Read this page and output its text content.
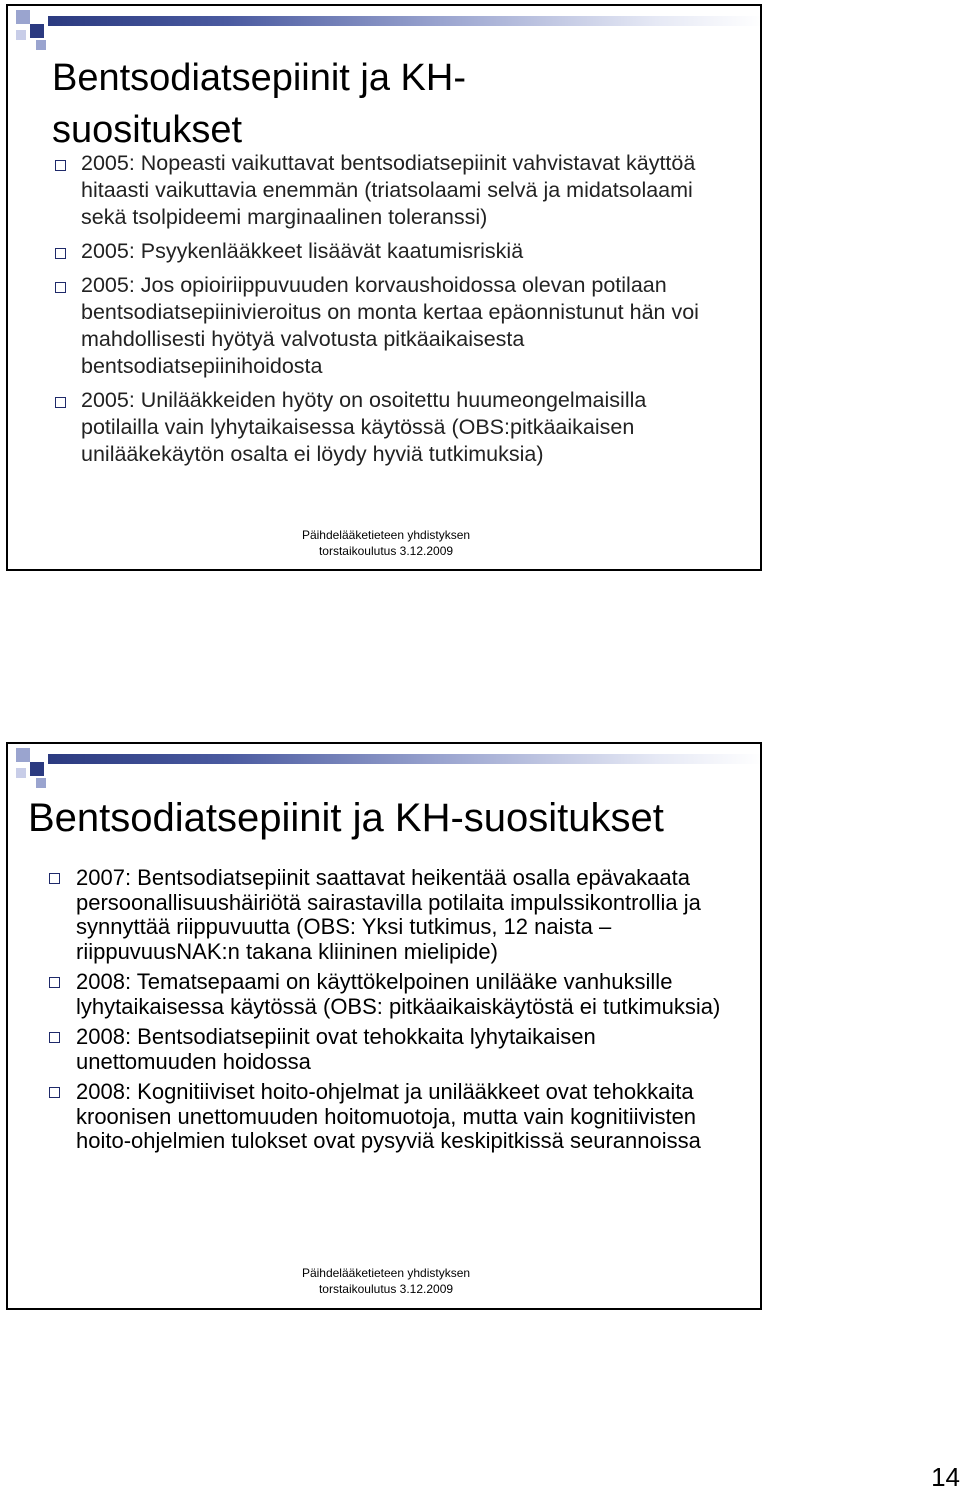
Bentsodiatsepiinit ja KH-suositukset
2005: Nopeasti vaikuttavat bentsodiatsepiinit vahvistavat käyttöä hitaasti vaikuttavia enemmän (triatsolaami selvä ja midatsolaami sekä tsolpideemi marginaalinen toleranssi)
2005: Psyykenlääkkeet lisäävät kaatumisriskiä
2005: Jos opioiriippuvuuden korvaushoidossa olevan potilaan bentsodiatsepiinivieroitus on monta kertaa epäonnistunut hän voi mahdollisesti hyötyä valvotusta pitkäaikaisesta bentsodiatsepiinihoidosta
2005: Unilääkkeiden hyöty on osoitettu huumeongelmaisilla potilailla vain lyhytaikaisessa käytössä (OBS:pitkäaikaisen unilääkekäytön osalta ei löydy hyviä tutkimuksia)
Päihdelääketieteen yhdistyksen
torstaikoulutus 3.12.2009
Bentsodiatsepiinit ja KH-suositukset
2007: Bentsodiatsepiinit saattavat heikentää osalla epävakaata persoonallisuushäiriötä sairastavilla potilaita impulssikontrollia ja synnyttää riippuvuutta (OBS: Yksi tutkimus, 12 naista – riippuvuusNAK:n takana kliininen mielipide)
2008: Tematsepaami on käyttökelpoinen unilääke vanhuksille lyhytaikaisessa käytössä (OBS: pitkäaikaiskäytöstä ei tutkimuksia)
2008: Bentsodiatsepiinit ovat tehokkaita lyhytaikaisen unettomuuden hoidossa
2008: Kognitiiviset hoito-ohjelmat ja unilääkkeet ovat tehokkaita kroonisen unettomuuden hoitomuotoja, mutta vain kognitiivisten hoito-ohjelmien tulokset ovat pysyviä keskipitkissä seurannoissa
Päihdelääketieteen yhdistyksen
torstaikoulutus 3.12.2009
14
